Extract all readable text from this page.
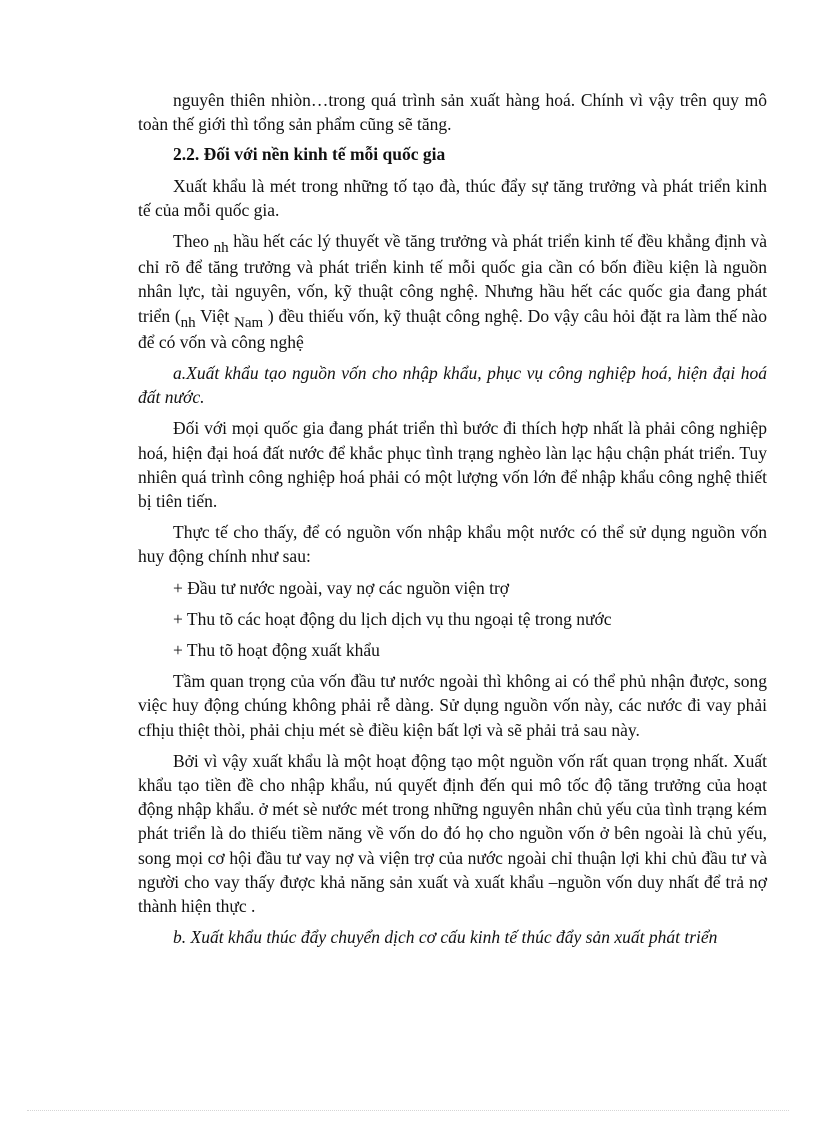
nguyên thiên nhiòn…trong quá trình sản xuất hàng hoá. Chính vì vậy trên quy mô toàn thế giới thì tổng sản phẩm cũng sẽ tăng.

2.2. Đối với nền kinh tế mỗi quốc gia

Xuất khẩu là mét trong những tố tạo đà, thúc đẩy sự tăng trưởng và phát triển kinh tế của mỗi quốc gia.

Theo nh hầu hết các lý thuyết về tăng trưởng và phát triển kinh tế đều khẳng định và chỉ rõ để tăng trưởng và phát triển kinh tế mỗi quốc gia cần có bốn điều kiện là nguồn nhân lực, tài nguyên, vốn, kỹ thuật công nghệ. Nhưng hầu hết các quốc gia đang phát triển (nh Việt Nam ) đều thiếu vốn, kỹ thuật công nghệ. Do vậy câu hỏi đặt ra làm thế nào để có vốn và công nghệ

a.Xuất khẩu tạo nguồn vốn cho nhập khẩu, phục vụ công nghiệp hoá, hiện đại hoá đất nước.

Đối với mọi quốc gia đang phát triển thì bước đi thích hợp nhất là phải công nghiệp hoá, hiện đại hoá đất nước để khắc phục tình trạng nghèo làn lạc hậu chận phát triển. Tuy nhiên quá trình công nghiệp hoá phải có một lượng vốn lớn để nhập khẩu công nghệ thiết bị tiên tiến.

Thực tế cho thấy, để có nguồn vốn nhập khẩu một nước có thể sử dụng nguồn vốn huy động chính như sau:

+ Đầu tư nước ngoài, vay nợ các nguồn viện trợ

+ Thu tõ các hoạt động du lịch dịch vụ thu ngoại tệ trong nước

+ Thu tõ hoạt động xuất khẩu

Tầm quan trọng của vốn đầu tư nước ngoài thì không ai có thể phủ nhận được, song việc huy động chúng không phải rễ dàng. Sử dụng nguồn vốn này, các nước đi vay phải cfhịu thiệt thòi, phải chịu mét sè điều kiện bất lợi và sẽ phải trả sau này.

Bởi vì vậy xuất khẩu là một hoạt động tạo một nguồn vốn rất quan trọng nhất. Xuất khẩu tạo tiền đề cho nhập khẩu, nú quyết định đến qui mô tốc độ tăng trưởng của hoạt động nhập khẩu. ở mét sè nước mét trong những nguyên nhân chủ yếu của tình trạng kém phát triển là do thiếu tiềm năng về vốn do đó họ cho nguồn vốn ở bên ngoài là chủ yếu, song mọi cơ hội đầu tư vay nợ và viện trợ của nước ngoài chỉ thuận lợi khi chủ đầu tư và người cho vay thấy được khả năng sản xuất và xuất khẩu –nguồn vốn duy nhất để trả nợ thành hiện thực .

b. Xuất khẩu thúc đẩy chuyển dịch cơ cấu kinh tế thúc đẩy sản xuất phát triển
